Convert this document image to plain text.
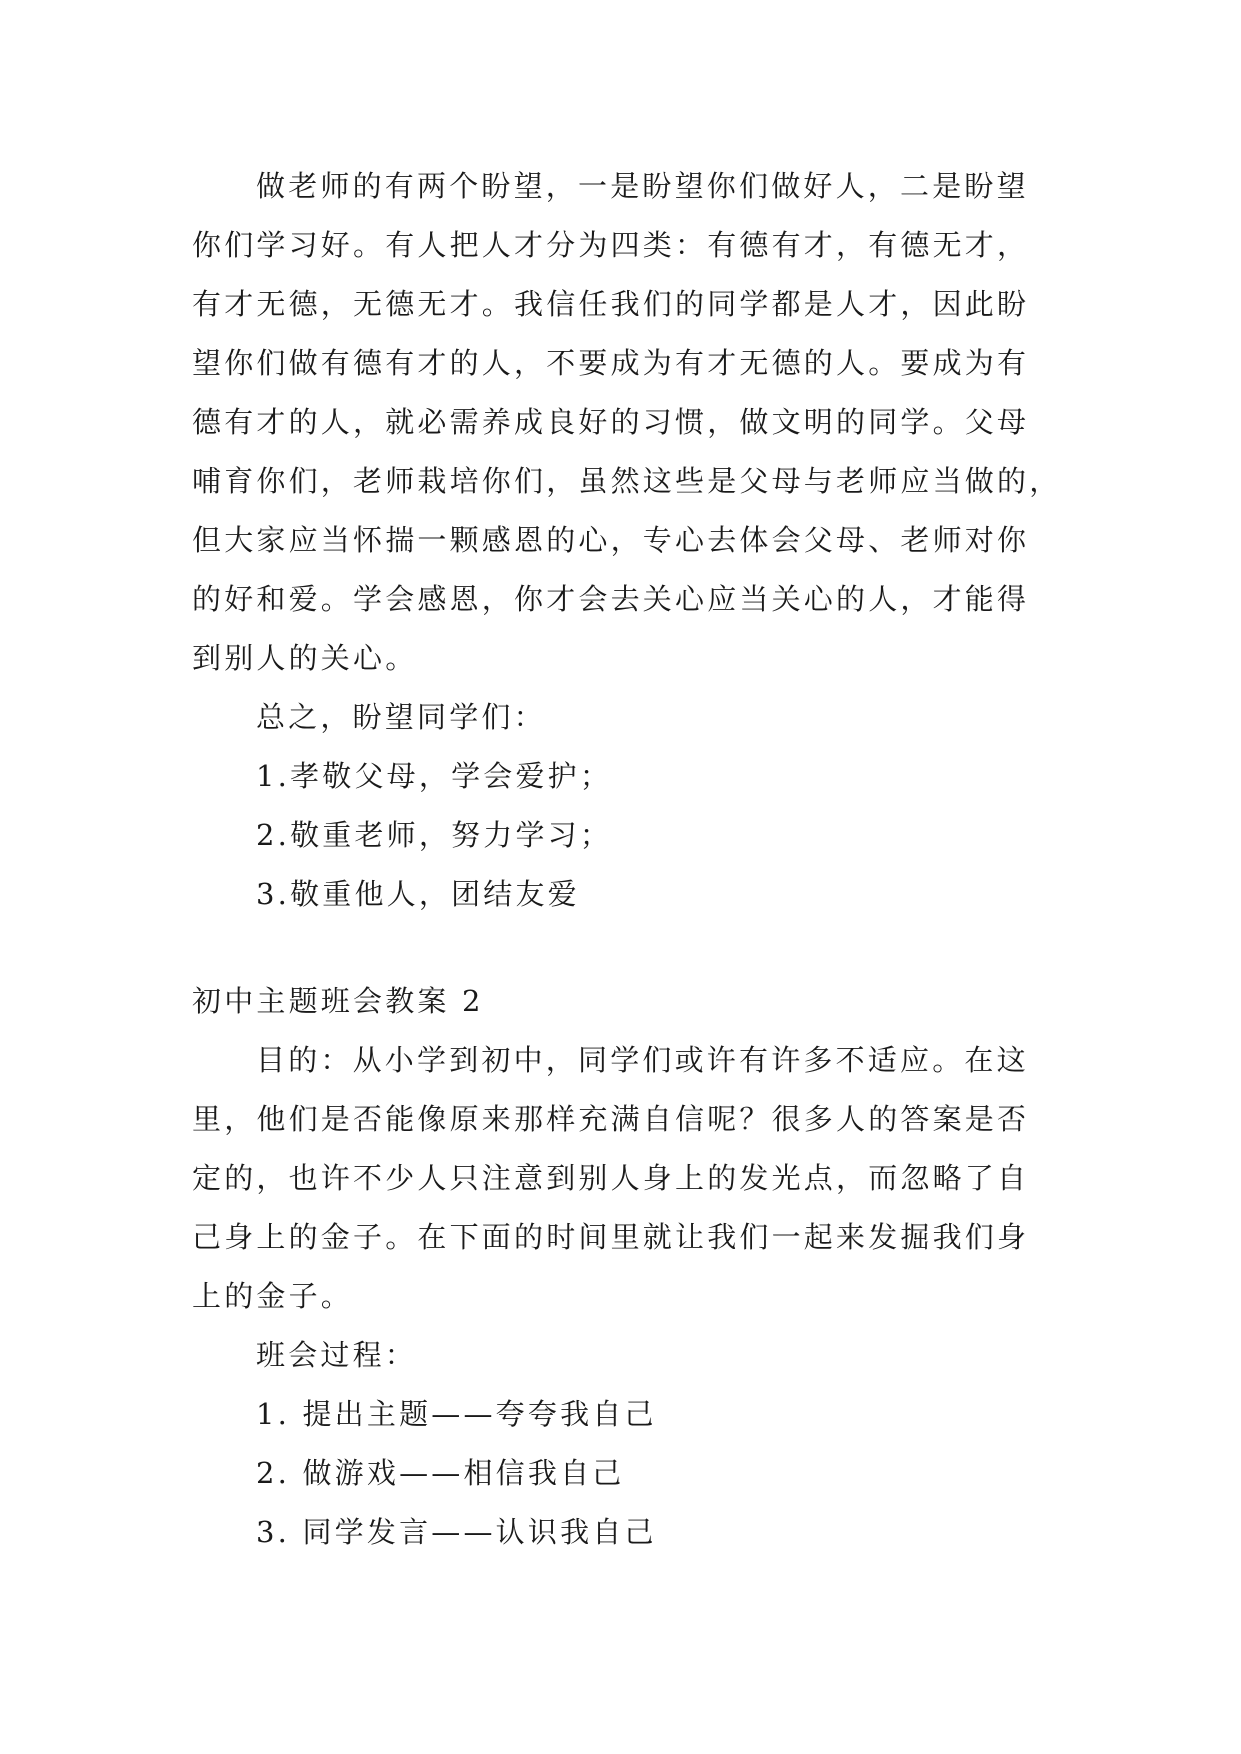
做老师的有两个盼望，一是盼望你们做好人，二是盼望
你们学习好。有人把人才分为四类：有德有才，有德无才，
有才无德，无德无才。我信任我们的同学都是人才，因此盼
望你们做有德有才的人，不要成为有才无德的人。要成为有
德有才的人，就必需养成良好的习惯，做文明的同学。父母
哺育你们，老师栽培你们，虽然这些是父母与老师应当做的，
但大家应当怀揣一颗感恩的心，专心去体会父母、老师对你
的好和爱。学会感恩，你才会去关心应当关心的人，才能得
到别人的关心。
总之，盼望同学们：
1.孝敬父母，学会爱护；
2.敬重老师，努力学习；
3.敬重他人，团结友爱
初中主题班会教案 2
目的：从小学到初中，同学们或许有许多不适应。在这
里，他们是否能像原来那样充满自信呢？很多人的答案是否
定的，也许不少人只注意到别人身上的发光点，而忽略了自
己身上的金子。在下面的时间里就让我们一起来发掘我们身
上的金子。
班会过程：
1. 提出主题——夸夸我自己
2. 做游戏——相信我自己
3. 同学发言——认识我自己
